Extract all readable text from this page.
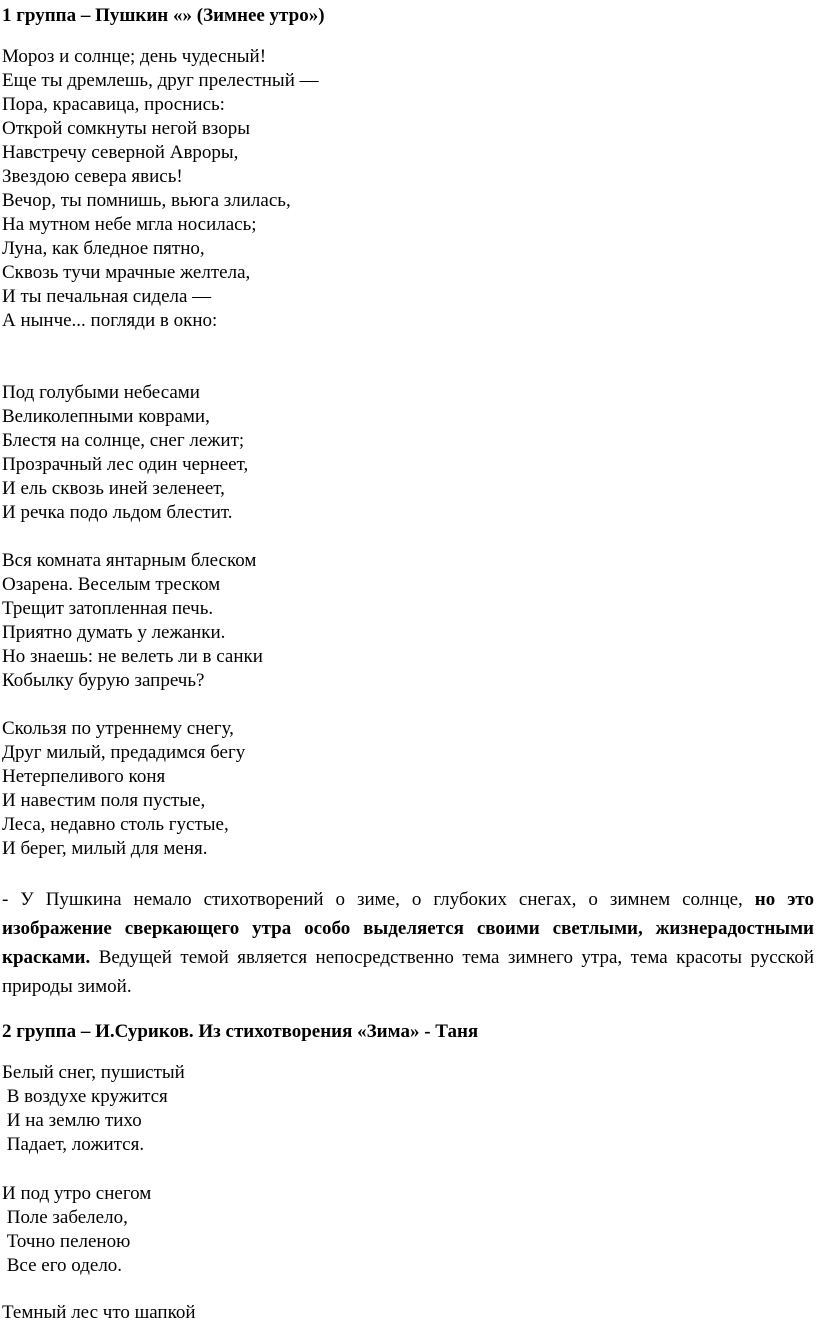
1 группа – Пушкин «» (Зимнее утро»)
Мороз и солнце; день чудесный!
Еще ты дремлешь, друг прелестный —
Пора, красавица, проснись:
Открой сомкнуты негой взоры
Навстречу северной Авроры,
Звездою севера явись!
Вечор, ты помнишь, вьюга злилась,
На мутном небе мгла носилась;
Луна, как бледное пятно,
Сквозь тучи мрачные желтела,
И ты печальная сидела —
А нынче... погляди в окно:
Под голубыми небесами
Великолепными коврами,
Блестя на солнце, снег лежит;
Прозрачный лес один чернеет,
И ель сквозь иней зеленеет,
И речка подо льдом блестит.
Вся комната янтарным блеском
Озарена. Веселым треском
Трещит затопленная печь.
Приятно думать у лежанки.
Но знаешь: не велеть ли в санки
Кобылку бурую запречь?
Скользя по утреннему снегу,
Друг милый, предадимся бегу
Нетерпеливого коня
И навестим поля пустые,
Леса, недавно столь густые,
И берег, милый для меня.

- У Пушкина немало стихотворений о зиме, о глубоких снегах, о зимнем солнце, но это изображение сверкающего утра особо выделяется своими светлыми, жизнерадостными красками. Ведущей темой является непосредственно тема зимнего утра, тема красоты русской природы зимой.

2 группа – И.Суриков. Из стихотворения «Зима» - Таня
Белый снег, пушистый
В воздухе кружится
И на землю тихо
Падает, ложится.
И под утро снегом
Поле забелело,
Точно пеленою
Все его одело.
Темный лес что шапкой
